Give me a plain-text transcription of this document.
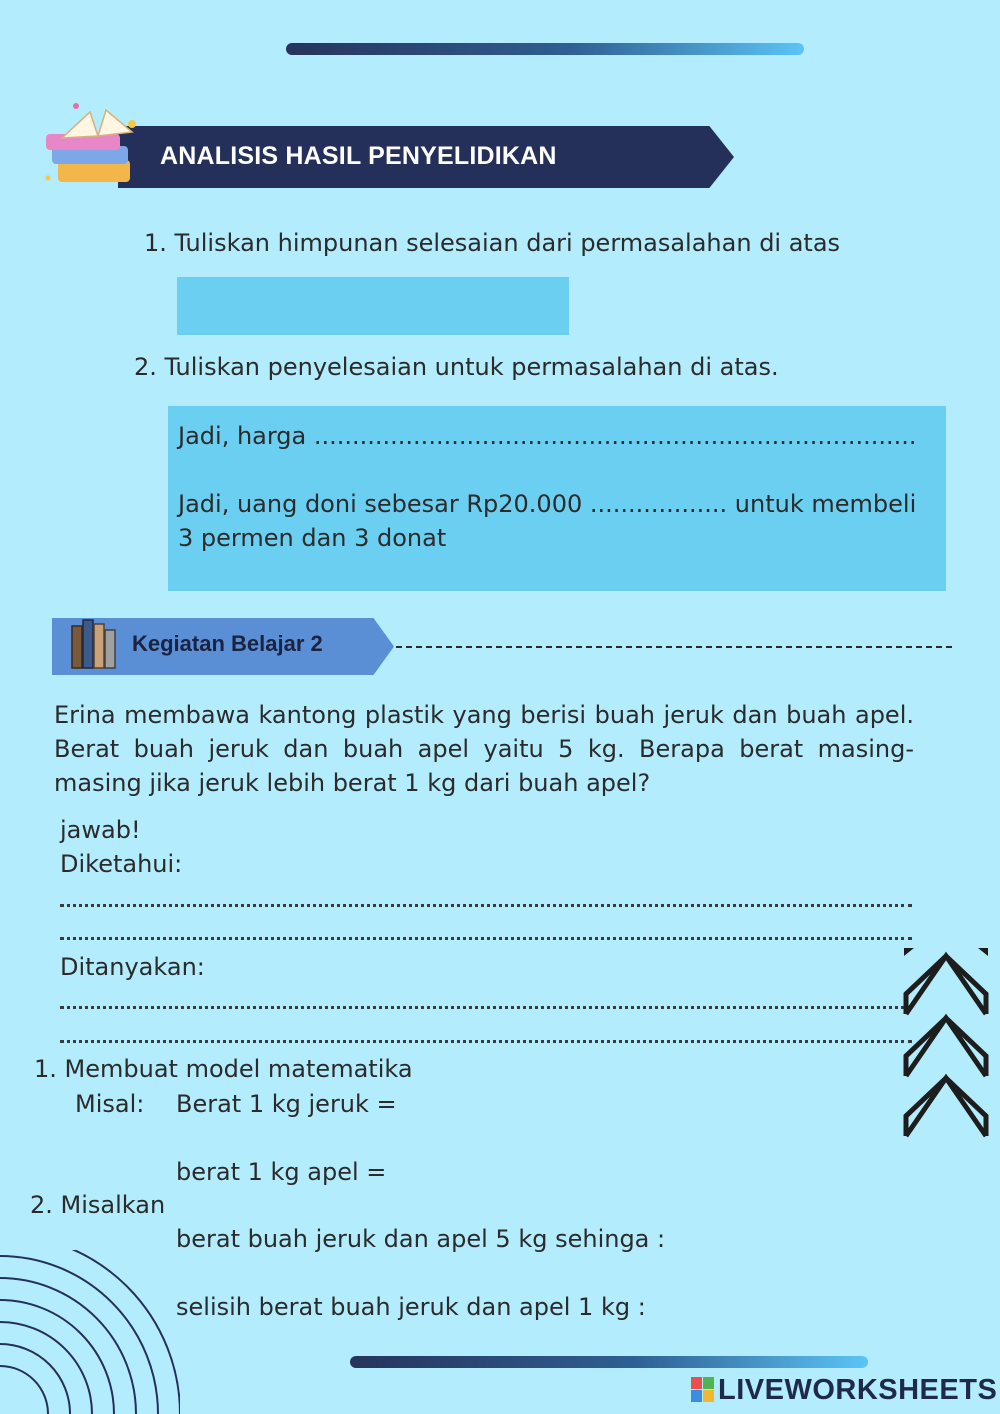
ANALISIS HASIL PENYELIDIKAN
1. Tuliskan himpunan selesaian dari permasalahan di atas
2. Tuliskan penyelesaian untuk permasalahan di atas.
Jadi, harga ...............................................................................
Jadi, uang doni sebesar Rp20.000 .................. untuk membeli
3 permen dan 3 donat
Kegiatan Belajar 2
Erina membawa kantong plastik yang berisi buah jeruk dan buah apel. Berat buah jeruk dan buah apel yaitu 5 kg. Berapa berat masing-masing jika jeruk lebih berat 1 kg dari buah apel?
jawab!
Diketahui:
Ditanyakan:
1. Membuat model matematika
Misal: Berat 1 kg jeruk =
berat 1 kg apel =
2. Misalkan
berat buah jeruk dan apel 5 kg sehinga :
selisih berat buah jeruk dan apel 1 kg :
LIVEWORKSHEETS
